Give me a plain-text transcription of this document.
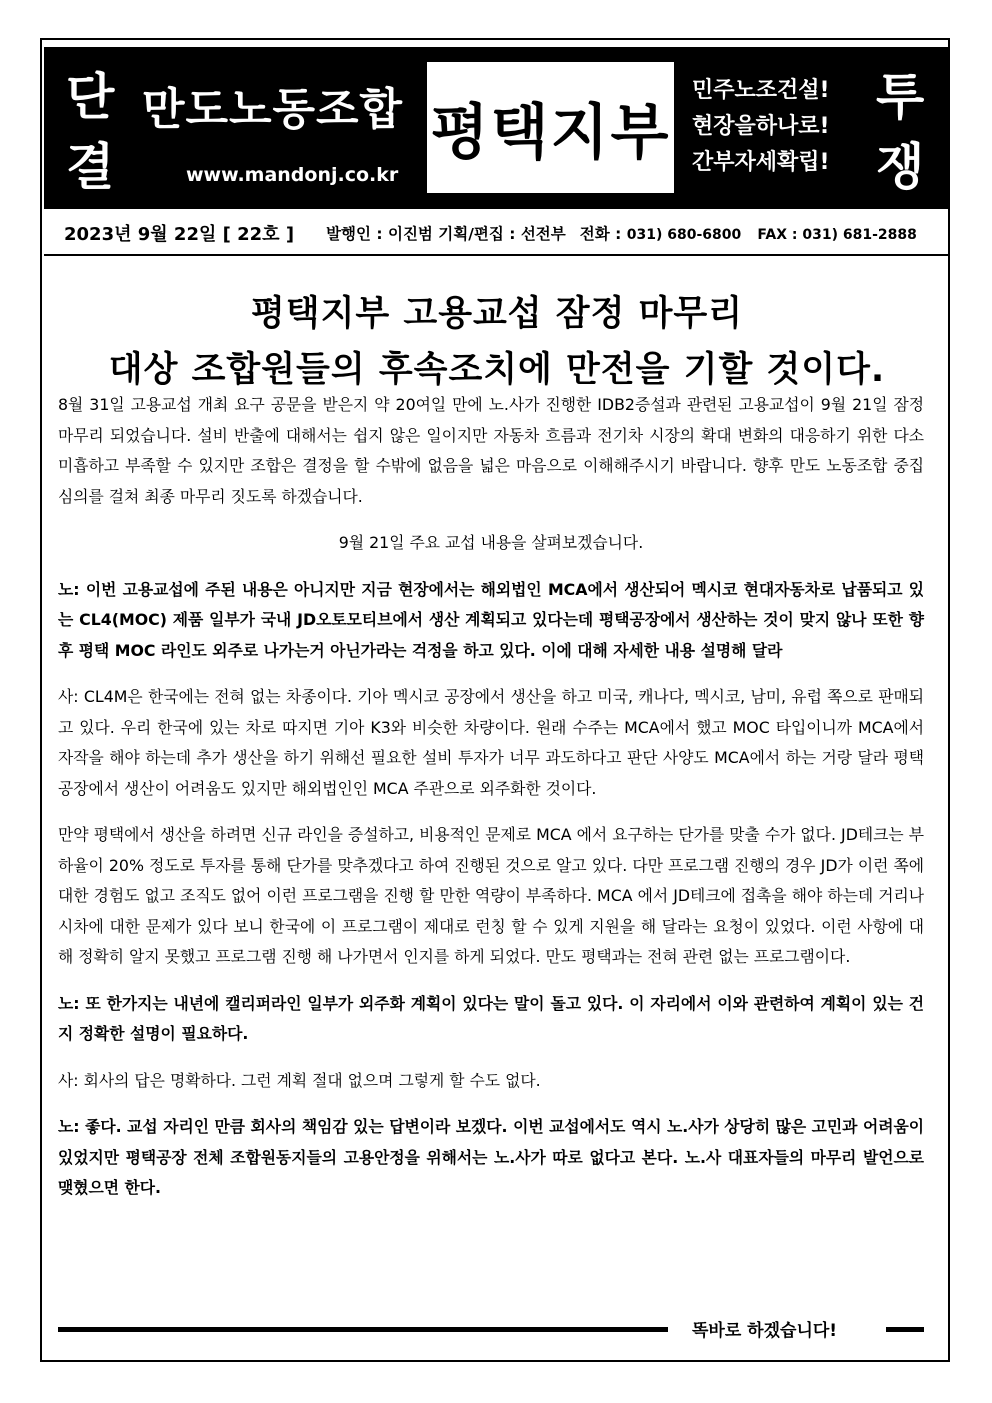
단
결
만도노동조합
www.mandonj.co.kr
평택지부
민주노조건설!
현장을하나로!
간부자세확립!
투
쟁
2023년 9월 22일 [ 22호 ] 발행인 : 이진범 기획/편집 : 선전부 전화 : 031) 680-6800 FAX : 031) 681-2888
평택지부 고용교섭 잠정 마무리
대상 조합원들의 후속조치에 만전을 기할 것이다.

8월 31일 고용교섭 개최 요구 공문을 받은지 약 20여일 만에 노.사가 진행한 IDB2증설과 관련된 고용교섭이 9월 21일 잠정 마무리 되었습니다. 설비 반출에 대해서는 쉽지 않은 일이지만 자동차 흐름과 전기차 시장의 확대 변화의 대응하기 위한 다소 미흡하고 부족할 수 있지만 조합은 결정을 할 수밖에 없음을 넓은 마음으로 이해해주시기 바랍니다. 향후 만도 노동조합 중집 심의를 걸쳐 최종 마무리 짓도록 하겠습니다.

9월 21일 주요 교섭 내용을 살펴보겠습니다.

노: 이번 고용교섭에 주된 내용은 아니지만 지금 현장에서는 해외법인 MCA에서 생산되어 멕시코 현대자동차로 납품되고 있는 CL4(MOC) 제품 일부가 국내 JD오토모티브에서 생산 계획되고 있다는데 평택공장에서 생산하는 것이 맞지 않나 또한 향후 평택 MOC 라인도 외주로 나가는거 아닌가라는 걱정을 하고 있다. 이에 대해 자세한 내용 설명해 달라

사: CL4M은 한국에는 전혀 없는 차종이다. 기아 멕시코 공장에서 생산을 하고 미국, 캐나다, 멕시코, 남미, 유럽 쪽으로 판매되고 있다. 우리 한국에 있는 차로 따지면 기아 K3와 비슷한 차량이다. 원래 수주는 MCA에서 했고 MOC 타입이니까 MCA에서 자작을 해야 하는데 추가 생산을 하기 위해선 필요한 설비 투자가 너무 과도하다고 판단 사양도 MCA에서 하는 거랑 달라 평택공장에서 생산이 어려움도 있지만 해외법인인 MCA 주관으로 외주화한 것이다.

만약 평택에서 생산을 하려면 신규 라인을 증설하고, 비용적인 문제로 MCA 에서 요구하는 단가를 맞출 수가 없다. JD테크는 부하율이 20% 정도로 투자를 통해 단가를 맞추겠다고 하여 진행된 것으로 알고 있다. 다만 프로그램 진행의 경우 JD가 이런 쪽에 대한 경험도 없고 조직도 없어 이런 프로그램을 진행 할 만한 역량이 부족하다. MCA 에서 JD테크에 접촉을 해야 하는데 거리나 시차에 대한 문제가 있다 보니 한국에 이 프로그램이 제대로 런칭 할 수 있게 지원을 해 달라는 요청이 있었다. 이런 사항에 대해 정확히 알지 못했고 프로그램 진행 해 나가면서 인지를 하게 되었다. 만도 평택과는 전혀 관련 없는 프로그램이다.

노: 또 한가지는 내년에 캘리퍼라인 일부가 외주화 계획이 있다는 말이 돌고 있다. 이 자리에서 이와 관련하여 계획이 있는 건지 정확한 설명이 필요하다.

사: 회사의 답은 명확하다. 그런 계획 절대 없으며 그렇게 할 수도 없다.

노: 좋다. 교섭 자리인 만큼 회사의 책임감 있는 답변이라 보겠다. 이번 교섭에서도 역시 노.사가 상당히 많은 고민과 어려움이 있었지만 평택공장 전체 조합원동지들의 고용안정을 위해서는 노.사가 따로 없다고 본다. 노.사 대표자들의 마무리 발언으로 맺혔으면 한다.

똑바로 하겠습니다!
